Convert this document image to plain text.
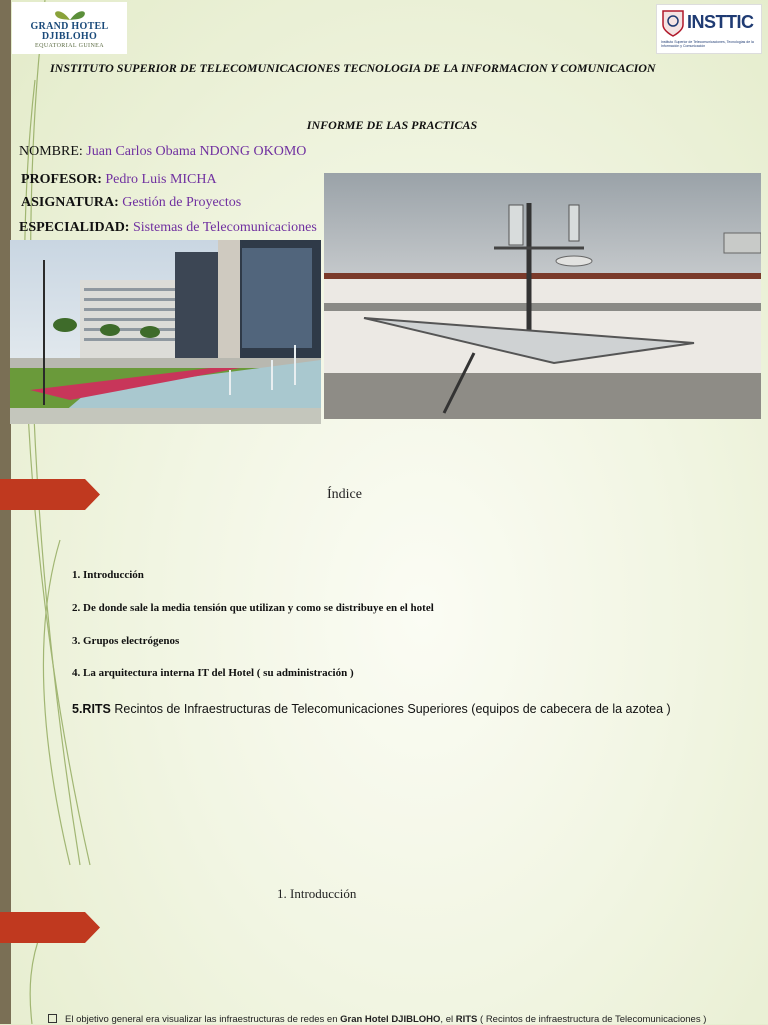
GRAND HOTEL
DJIBLOHO
EQUATORIAL GUINEA
INSTTIC
Instituto Superior de Telecomunicaciones, Tecnologías de la Información y Comunicación
INSTITUTO SUPERIOR DE TELECOMUNICACIONES TECNOLOGIA DE LA INFORMACION Y COMUNICACION
INFORME DE LAS PRACTICAS
NOMBRE: Juan Carlos Obama NDONG OKOMO
PROFESOR: Pedro Luis MICHA
ASIGNATURA: Gestión de Proyectos
ESPECIALIDAD: Sistemas de Telecomunicaciones
Índice
1. Introducción
2. De donde sale la media tensión que utilizan y como se distribuye en el hotel
3. Grupos electrógenos
4. La arquitectura interna IT del Hotel ( su administración )
5.RITS Recintos de Infraestructuras de Telecomunicaciones Superiores (equipos de cabecera de la azotea )
1. Introducción
El objetivo general era visualizar las infraestructuras de redes en Gran Hotel DJIBLOHO, el RITS ( Recintos de infraestructura de Telecomunicaciones )
